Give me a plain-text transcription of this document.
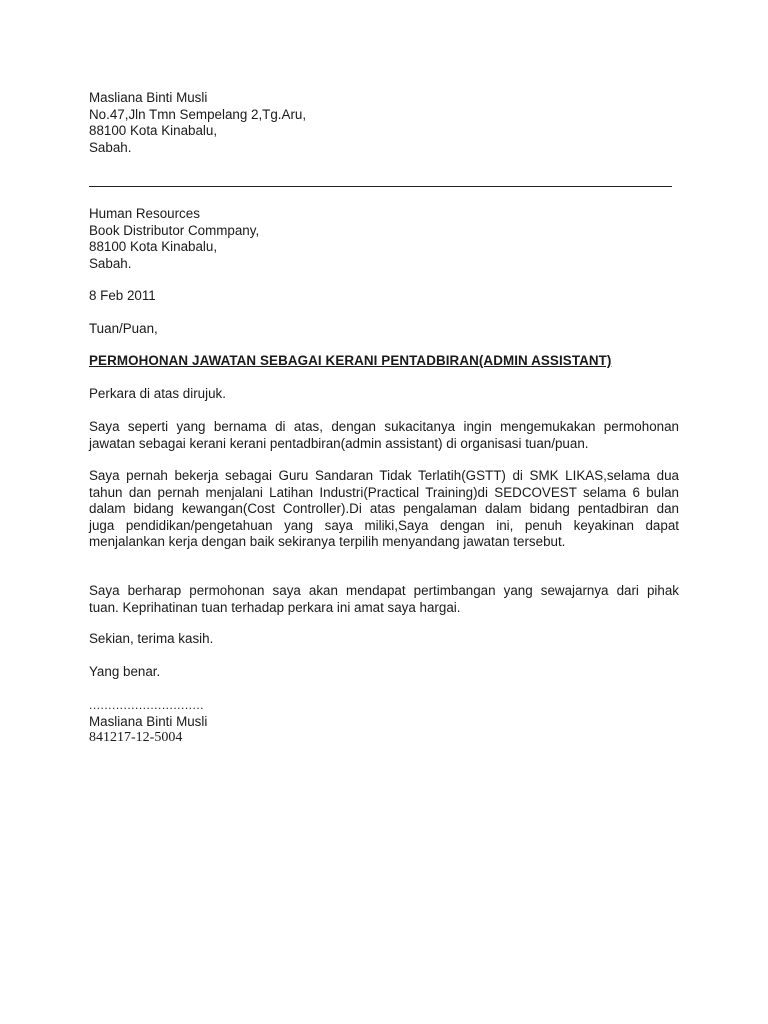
Masliana Binti Musli
No.47,Jln Tmn Sempelang 2,Tg.Aru,
88100 Kota Kinabalu,
Sabah.
Human Resources
Book Distributor Commpany,
88100 Kota Kinabalu,
Sabah.
8 Feb 2011
Tuan/Puan,
PERMOHONAN JAWATAN SEBAGAI KERANI PENTADBIRAN(ADMIN ASSISTANT)
Perkara di atas dirujuk.
Saya seperti yang bernama di atas, dengan sukacitanya ingin mengemukakan permohonan
jawatan sebagai kerani kerani pentadbiran(admin assistant) di organisasi tuan/puan.
Saya pernah bekerja sebagai Guru Sandaran Tidak Terlatih(GSTT) di SMK LIKAS,selama dua
tahun dan pernah menjalani Latihan Industri(Practical Training)di SEDCOVEST selama 6 bulan
dalam bidang kewangan(Cost Controller).Di atas pengalaman dalam bidang pentadbiran dan
juga pendidikan/pengetahuan yang saya miliki,Saya dengan ini, penuh keyakinan dapat
menjalankan kerja dengan baik sekiranya terpilih menyandang jawatan tersebut.
Saya berharap permohonan saya akan mendapat pertimbangan yang sewajarnya dari pihak
tuan. Keprihatinan tuan terhadap perkara ini amat saya hargai.
Sekian, terima kasih.
Yang benar.
..............................
Masliana Binti Musli
841217-12-5004
